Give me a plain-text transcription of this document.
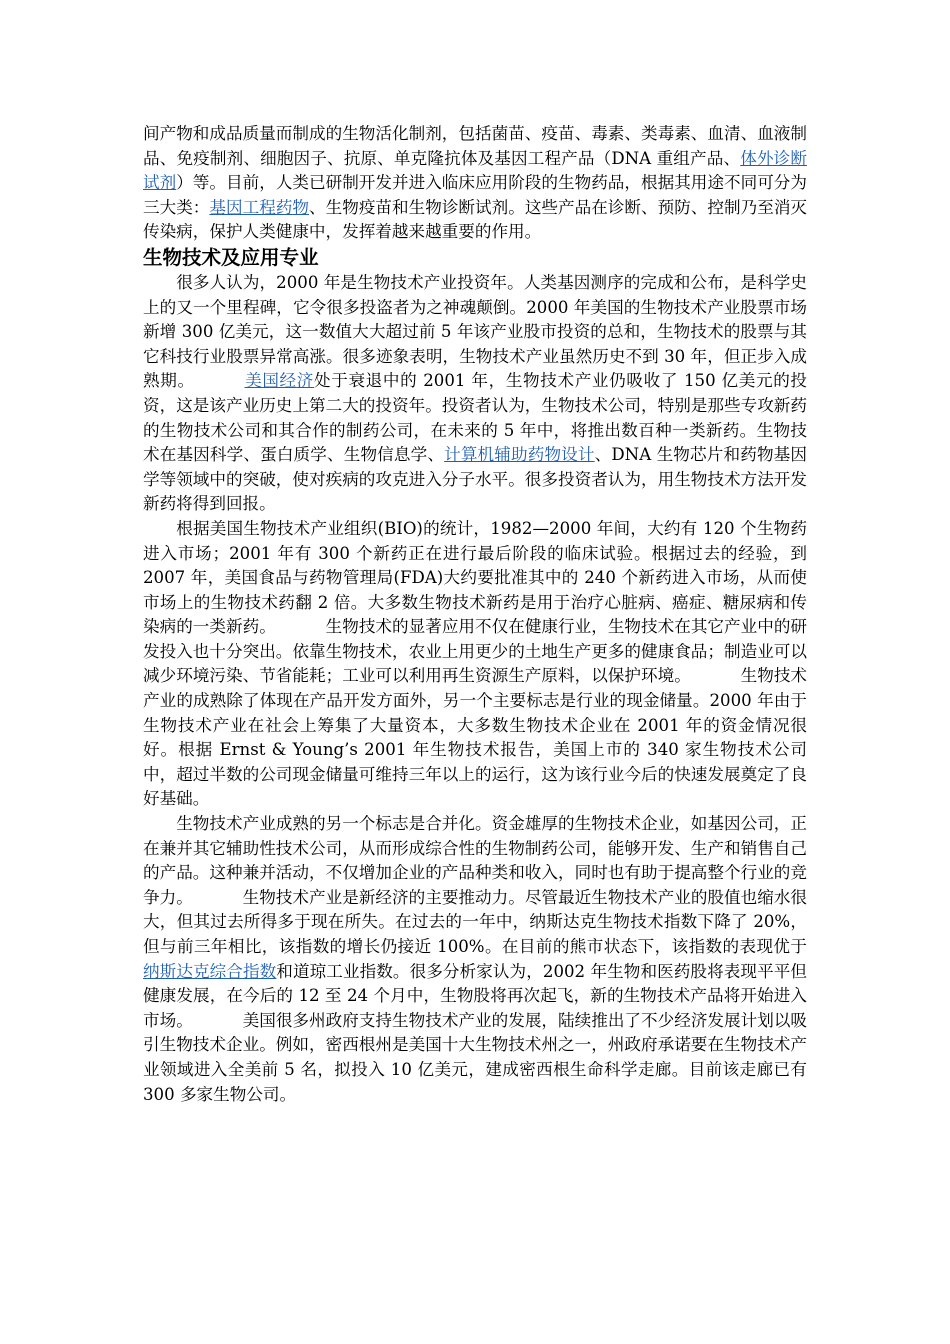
间产物和成品质量而制成的生物活化制剂，包括菌苗、疫苗、毒素、类毒素、血清、血液制品、免疫制剂、细胞因子、抗原、单克隆抗体及基因工程产品（DNA 重组产品、体外诊断试剂）等。目前，人类已研制开发并进入临床应用阶段的生物药品，根据其用途不同可分为三大类：基因工程药物、生物疫苗和生物诊断试剂。这些产品在诊断、预防、控制乃至消灭传染病，保护人类健康中，发挥着越来越重要的作用。

生物技术及应用专业

很多人认为，2000 年是生物技术产业投资年。人类基因测序的完成和公布，是科学史上的又一个里程碑，它令很多投盗者为之神魂颠倒。2000 年美国的生物技术产业股票市场新增 300 亿美元，这一数值大大超过前 5 年该产业股市投资的总和，生物技术的股票与其它科技行业股票异常高涨。很多迹象表明，生物技术产业虽然历史不到 30 年，但正步入成熟期。	美国经济处于衰退中的 2001 年，生物技术产业仍吸收了 150 亿美元的投资，这是该产业历史上第二大的投资年。投资者认为，生物技术公司，特别是那些专攻新药的生物技术公司和其合作的制药公司，在未来的 5 年中，将推出数百种一类新药。生物技术在基因科学、蛋白质学、生物信息学、计算机辅助药物设计、DNA 生物芯片和药物基因学等领域中的突破，使对疾病的攻克进入分子水平。很多投资者认为，用生物技术方法开发新药将得到回报。

根据美国生物技术产业组织(BIO)的统计，1982—2000 年间，大约有 120 个生物药进入市场；2001 年有 300 个新药正在进行最后阶段的临床试验。根据过去的经验，到 2007 年，美国食品与药物管理局(FDA)大约要批准其中的 240 个新药进入市场，从而使市场上的生物技术药翻 2 倍。大多数生物技术新药是用于治疗心脏病、癌症、糖尿病和传染病的一类新药。	生物技术的显著应用不仅在健康行业，生物技术在其它产业中的研发投入也十分突出。依靠生物技术，农业上用更少的土地生产更多的健康食品；制造业可以减少环境污染、节省能耗；工业可以利用再生资源生产原料，以保护环境。	生物技术产业的成熟除了体现在产品开发方面外，另一个主要标志是行业的现金储量。2000 年由于生物技术产业在社会上筹集了大量资本，大多数生物技术企业在 2001 年的资金情况很好。根据 Ernst & Young’s 2001 年生物技术报告，美国上市的 340 家生物技术公司中，超过半数的公司现金储量可维持三年以上的运行，这为该行业今后的快速发展奠定了良好基础。

生物技术产业成熟的另一个标志是合并化。资金雄厚的生物技术企业，如基因公司，正在兼并其它辅助性技术公司，从而形成综合性的生物制药公司，能够开发、生产和销售自己的产品。这种兼并活动，不仅增加企业的产品种类和收入，同时也有助于提高整个行业的竞争力。	生物技术产业是新经济的主要推动力。尽管最近生物技术产业的股值也缩水很大，但其过去所得多于现在所失。在过去的一年中，纳斯达克生物技术指数下降了 20%，但与前三年相比，该指数的增长仍接近 100%。在目前的熊市状态下，该指数的表现优于纳斯达克综合指数和道琼工业指数。很多分析家认为，2002 年生物和医药股将表现平平但健康发展，在今后的 12 至 24 个月中，生物股将再次起飞，新的生物技术产品将开始进入市场。	美国很多州政府支持生物技术产业的发展，陆续推出了不少经济发展计划以吸引生物技术企业。例如，密西根州是美国十大生物技术州之一，州政府承诺要在生物技术产业领域进入全美前 5 名，拟投入 10 亿美元，建成密西根生命科学走廊。目前该走廊已有 300 多家生物公司。
